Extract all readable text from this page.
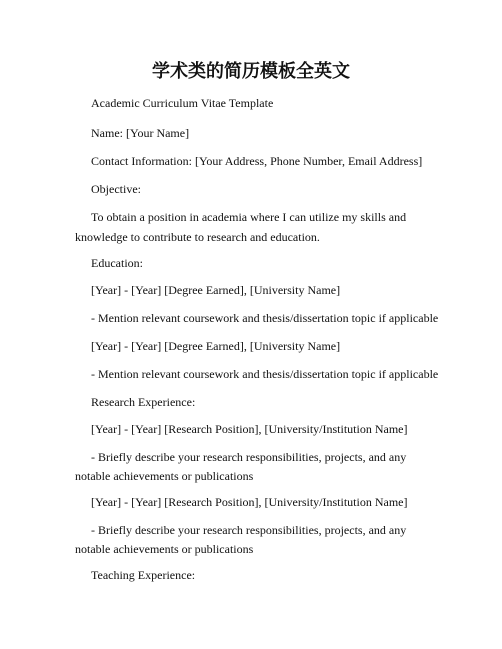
学术类的简历模板全英文
Academic Curriculum Vitae Template
Name: [Your Name]
Contact Information: [Your Address, Phone Number, Email Address]
Objective:
To obtain a position in academia where I can utilize my skills and
knowledge to contribute to research and education.
Education:
[Year] - [Year] [Degree Earned], [University Name]
- Mention relevant coursework and thesis/dissertation topic if applicable
[Year] - [Year] [Degree Earned], [University Name]
- Mention relevant coursework and thesis/dissertation topic if applicable
Research Experience:
[Year] - [Year] [Research Position], [University/Institution Name]
- Briefly describe your research responsibilities, projects, and any
notable achievements or publications
[Year] - [Year] [Research Position], [University/Institution Name]
- Briefly describe your research responsibilities, projects, and any
notable achievements or publications
Teaching Experience:
